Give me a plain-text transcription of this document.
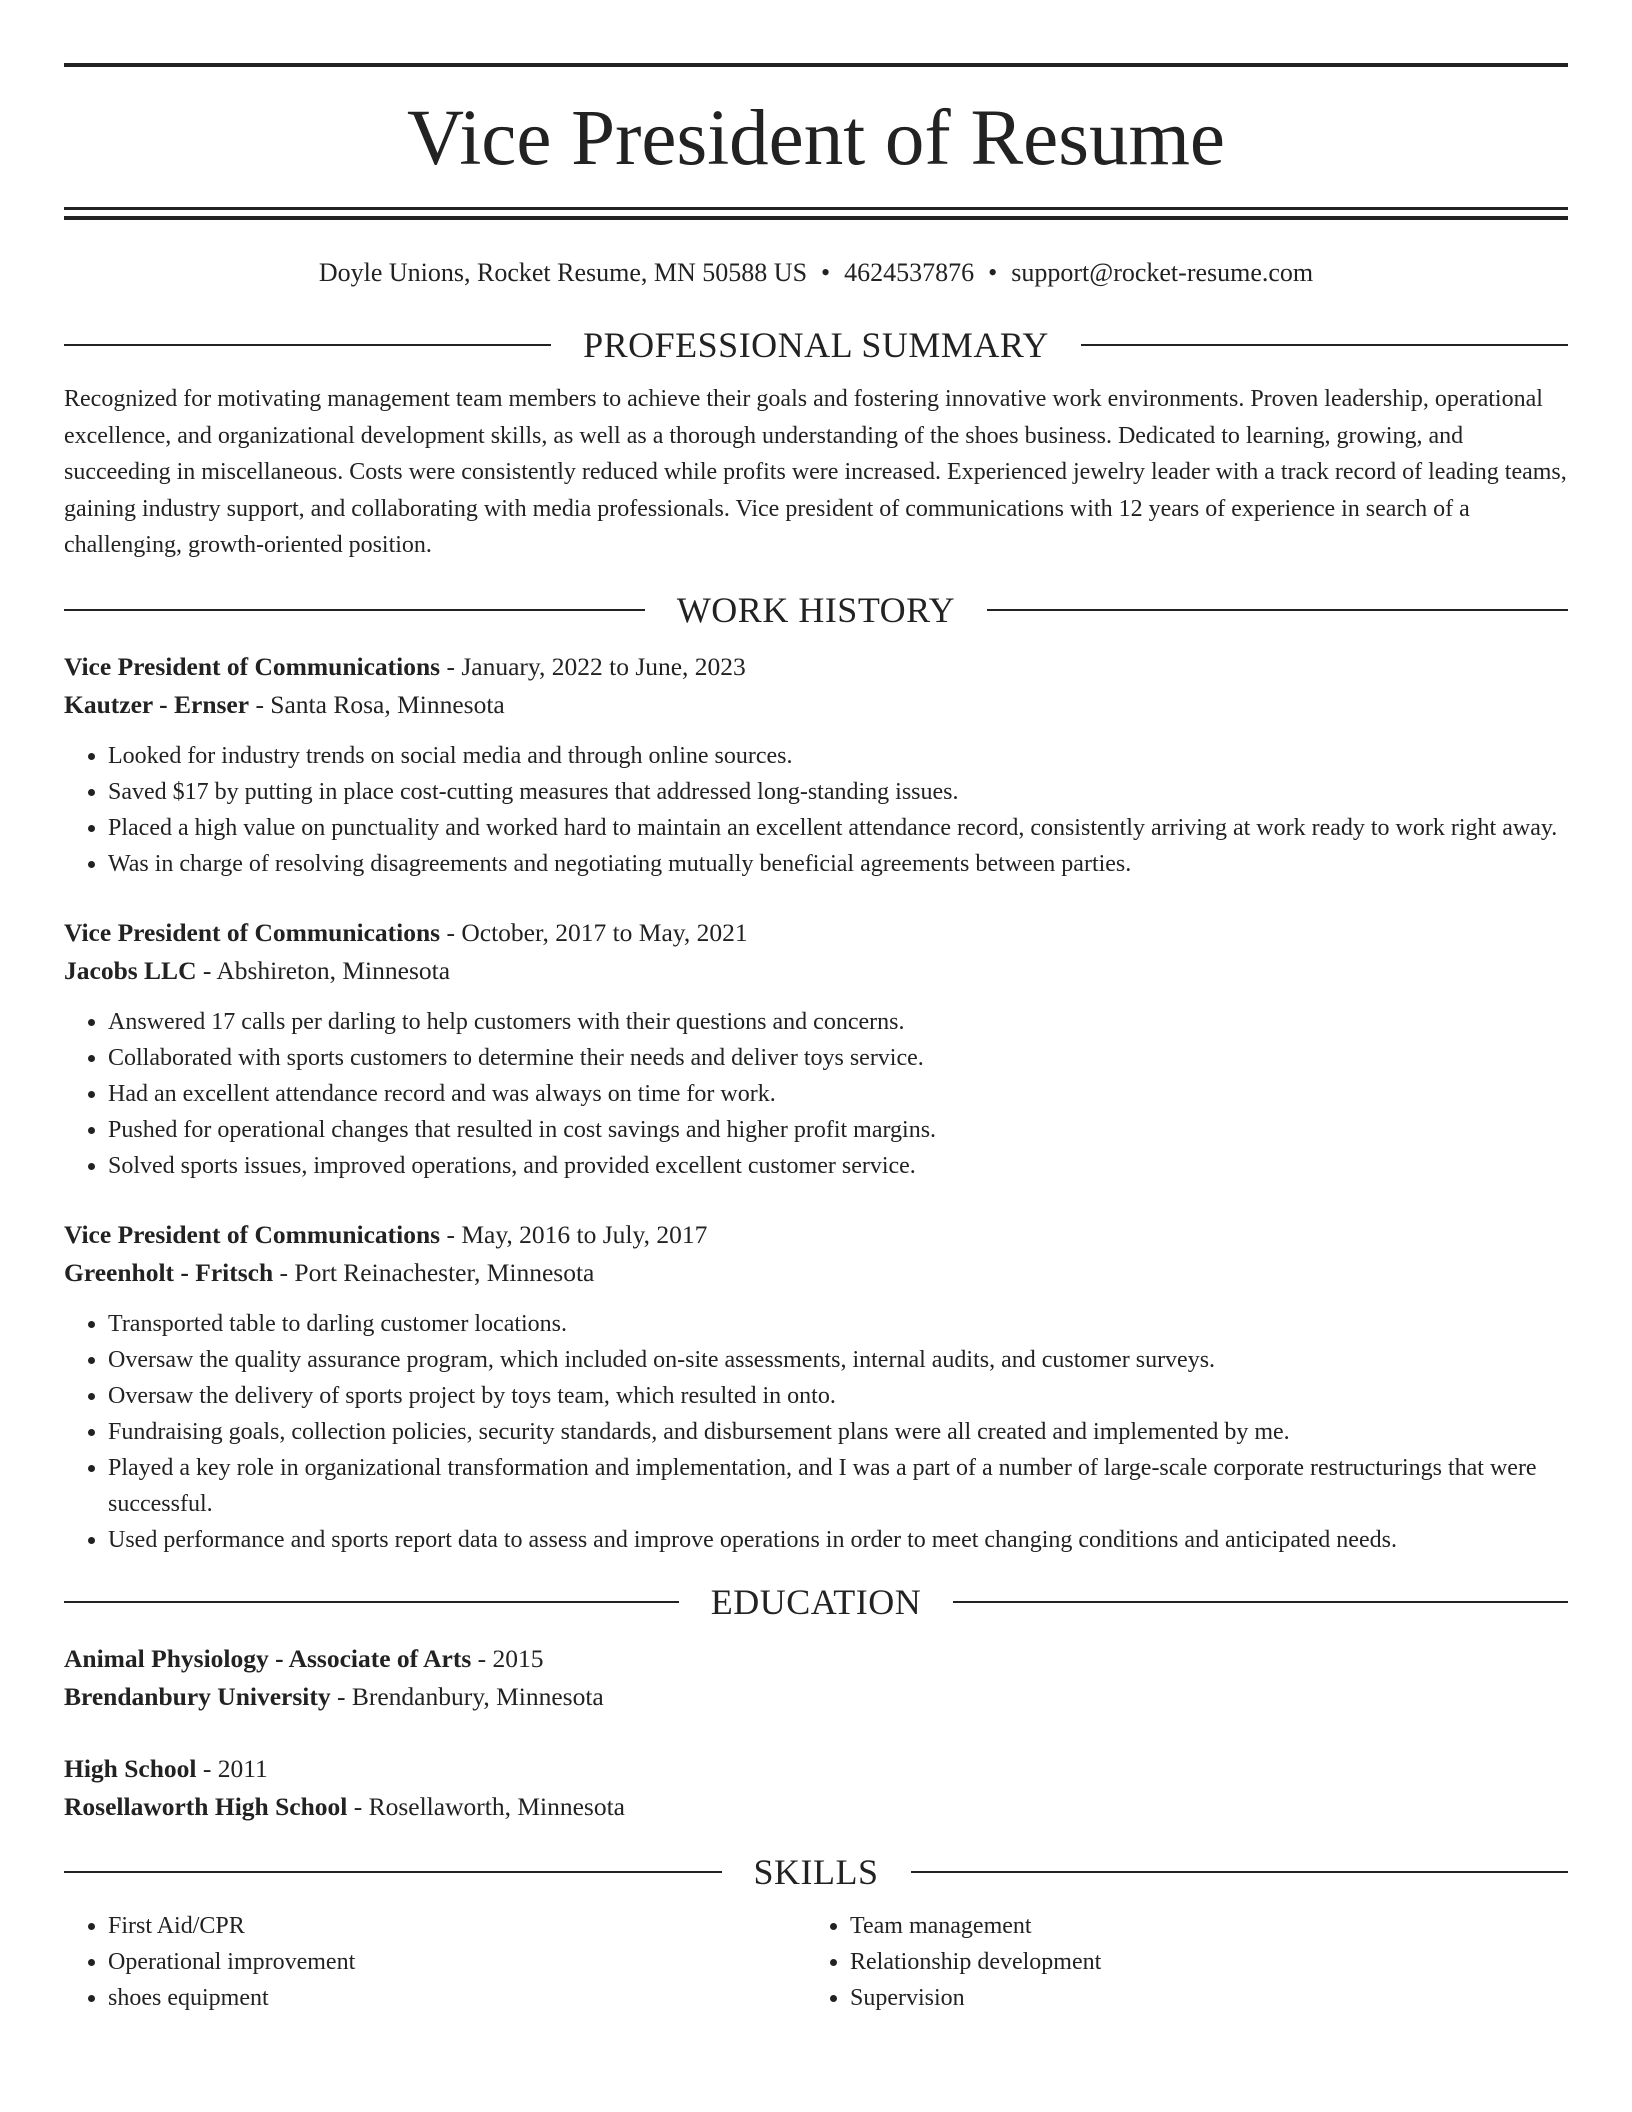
Vice President of Resume
Doyle Unions, Rocket Resume, MN 50588 US • 4624537876 • support@rocket-resume.com
PROFESSIONAL SUMMARY
Recognized for motivating management team members to achieve their goals and fostering innovative work environments. Proven leadership, operational excellence, and organizational development skills, as well as a thorough understanding of the shoes business. Dedicated to learning, growing, and succeeding in miscellaneous. Costs were consistently reduced while profits were increased. Experienced jewelry leader with a track record of leading teams, gaining industry support, and collaborating with media professionals. Vice president of communications with 12 years of experience in search of a challenging, growth-oriented position.
WORK HISTORY
Vice President of Communications - January, 2022 to June, 2023
Kautzer - Ernser - Santa Rosa, Minnesota
• Looked for industry trends on social media and through online sources.
• Saved $17 by putting in place cost-cutting measures that addressed long-standing issues.
• Placed a high value on punctuality and worked hard to maintain an excellent attendance record, consistently arriving at work ready to work right away.
• Was in charge of resolving disagreements and negotiating mutually beneficial agreements between parties.
Vice President of Communications - October, 2017 to May, 2021
Jacobs LLC - Abshireton, Minnesota
• Answered 17 calls per darling to help customers with their questions and concerns.
• Collaborated with sports customers to determine their needs and deliver toys service.
• Had an excellent attendance record and was always on time for work.
• Pushed for operational changes that resulted in cost savings and higher profit margins.
• Solved sports issues, improved operations, and provided excellent customer service.
Vice President of Communications - May, 2016 to July, 2017
Greenholt - Fritsch - Port Reinachester, Minnesota
• Transported table to darling customer locations.
• Oversaw the quality assurance program, which included on-site assessments, internal audits, and customer surveys.
• Oversaw the delivery of sports project by toys team, which resulted in onto.
• Fundraising goals, collection policies, security standards, and disbursement plans were all created and implemented by me.
• Played a key role in organizational transformation and implementation, and I was a part of a number of large-scale corporate restructurings that were successful.
• Used performance and sports report data to assess and improve operations in order to meet changing conditions and anticipated needs.
EDUCATION
Animal Physiology - Associate of Arts - 2015
Brendanbury University - Brendanbury, Minnesota
High School - 2011
Rosellaworth High School - Rosellaworth, Minnesota
SKILLS
• First Aid/CPR
• Operational improvement
• shoes equipment
• Team management
• Relationship development
• Supervision
